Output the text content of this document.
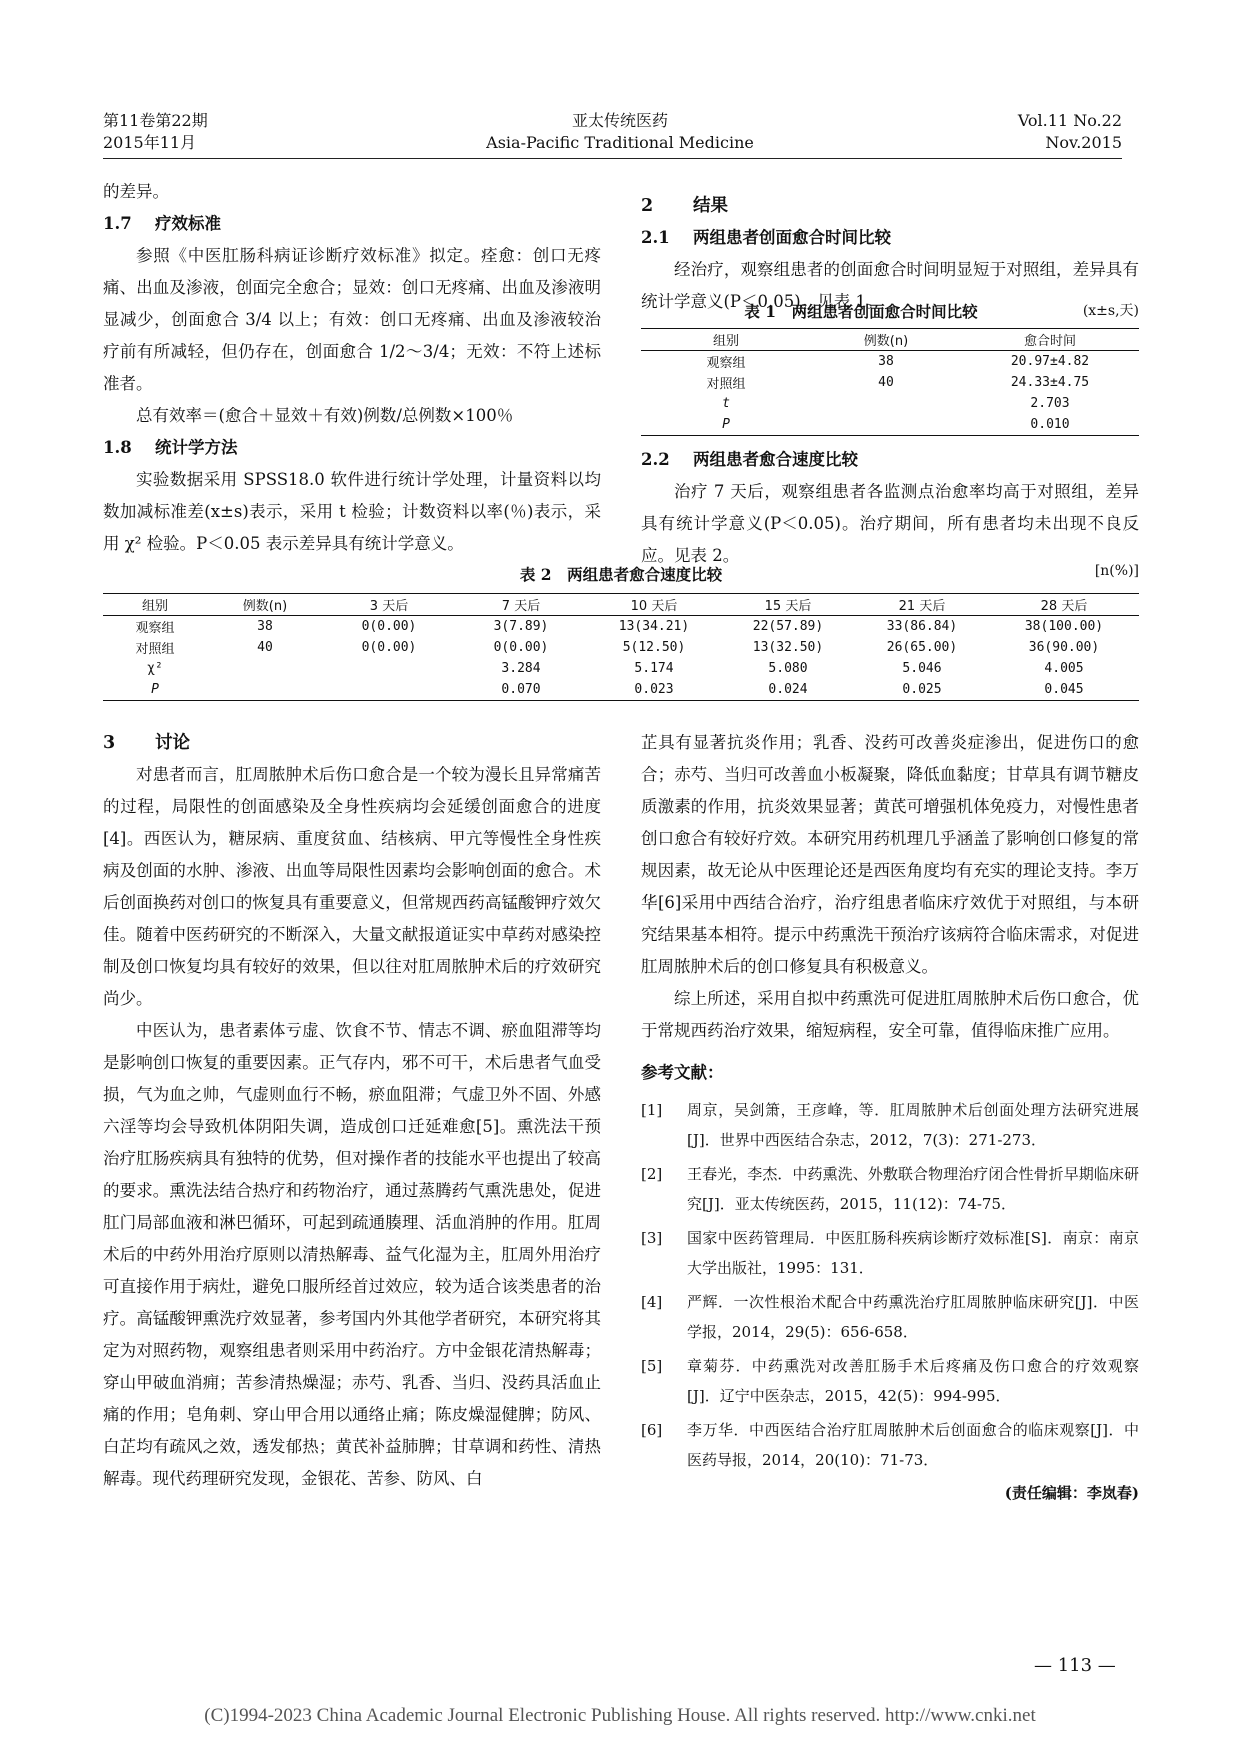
第11卷第22期
2015年11月
亚太传统医药
Asia-Pacific Traditional Medicine
Vol.11 No.22
Nov.2015

的差异。

1.7 疗效标准

参照《中医肛肠科病证诊断疗效标准》拟定。痊愈：创口无疼痛、出血及渗液，创面完全愈合；显效：创口无疼痛、出血及渗液明显减少，创面愈合 3/4 以上；有效：创口无疼痛、出血及渗液较治疗前有所减轻，但仍存在，创面愈合 1/2～3/4；无效：不符上述标准者。

总有效率＝(愈合＋显效＋有效)例数/总例数×100％

1.8 统计学方法

实验数据采用 SPSS18.0 软件进行统计学处理，计量资料以均数加减标准差(x±s)表示，采用 t 检验；计数资料以率(％)表示，采用 χ² 检验。P＜0.05 表示差异具有统计学意义。

2 结果

2.1 两组患者创面愈合时间比较

经治疗，观察组患者的创面愈合时间明显短于对照组，差异具有统计学意义(P＜0.05)。见表 1。

表 1　两组患者创面愈合时间比较	(x±s,天)
组别	例数(n)	愈合时间
观察组	38	20.97±4.82
对照组	40	24.33±4.75
t		2.703
P		0.010

2.2 两组患者愈合速度比较

治疗 7 天后，观察组患者各监测点治愈率均高于对照组，差异具有统计学意义(P＜0.05)。治疗期间，所有患者均未出现不良反应。见表 2。

表 2　两组患者愈合速度比较	[n(%)]
组别	例数(n)	3 天后	7 天后	10 天后	15 天后	21 天后	28 天后
观察组	38	0(0.00)	3(7.89)	13(34.21)	22(57.89)	33(86.84)	38(100.00)
对照组	40	0(0.00)	0(0.00)	5(12.50)	13(32.50)	26(65.00)	36(90.00)
χ²			3.284	5.174	5.080	5.046	4.005
P			0.070	0.023	0.024	0.025	0.045

3 讨论

对患者而言，肛周脓肿术后伤口愈合是一个较为漫长且异常痛苦的过程，局限性的创面感染及全身性疾病均会延缓创面愈合的进度[4]。西医认为，糖尿病、重度贫血、结核病、甲亢等慢性全身性疾病及创面的水肿、渗液、出血等局限性因素均会影响创面的愈合。术后创面换药对创口的恢复具有重要意义，但常规西药高锰酸钾疗效欠佳。随着中医药研究的不断深入，大量文献报道证实中草药对感染控制及创口恢复均具有较好的效果，但以往对肛周脓肿术后的疗效研究尚少。

中医认为，患者素体亏虚、饮食不节、情志不调、瘀血阻滞等均是影响创口恢复的重要因素。正气存内，邪不可干，术后患者气血受损，气为血之帅，气虚则血行不畅，瘀血阻滞；气虚卫外不固、外感六淫等均会导致机体阴阳失调，造成创口迁延难愈[5]。熏洗法干预治疗肛肠疾病具有独特的优势，但对操作者的技能水平也提出了较高的要求。熏洗法结合热疗和药物治疗，通过蒸腾药气熏洗患处，促进肛门局部血液和淋巴循环，可起到疏通腠理、活血消肿的作用。肛周术后的中药外用治疗原则以清热解毒、益气化湿为主，肛周外用治疗可直接作用于病灶，避免口服所经首过效应，较为适合该类患者的治疗。高锰酸钾熏洗疗效显著，参考国内外其他学者研究，本研究将其定为对照药物，观察组患者则采用中药治疗。方中金银花清热解毒；穿山甲破血消痈；苦参清热燥湿；赤芍、乳香、当归、没药具活血止痛的作用；皂角刺、穿山甲合用以通络止痛；陈皮燥湿健脾；防风、白芷均有疏风之效，透发郁热；黄芪补益肺脾；甘草调和药性、清热解毒。现代药理研究发现，金银花、苦参、防风、白

芷具有显著抗炎作用；乳香、没药可改善炎症渗出，促进伤口的愈合；赤芍、当归可改善血小板凝聚，降低血黏度；甘草具有调节糖皮质激素的作用，抗炎效果显著；黄芪可增强机体免疫力，对慢性患者创口愈合有较好疗效。本研究用药机理几乎涵盖了影响创口修复的常规因素，故无论从中医理论还是西医角度均有充实的理论支持。李万华[6]采用中西结合治疗，治疗组患者临床疗效优于对照组，与本研究结果基本相符。提示中药熏洗干预治疗该病符合临床需求，对促进肛周脓肿术后的创口修复具有积极意义。

综上所述，采用自拟中药熏洗可促进肛周脓肿术后伤口愈合，优于常规西药治疗效果，缩短病程，安全可靠，值得临床推广应用。

参考文献：

[1]	周京，吴剑箫，王彦峰，等．肛周脓肿术后创面处理方法研究进展[J]．世界中西医结合杂志，2012，7(3)：271-273．
[2]	王春光，李杰．中药熏洗、外敷联合物理治疗闭合性骨折早期临床研究[J]．亚太传统医药，2015，11(12)：74-75．
[3]	国家中医药管理局．中医肛肠科疾病诊断疗效标准[S]．南京：南京大学出版社，1995：131．
[4]	严辉．一次性根治术配合中药熏洗治疗肛周脓肿临床研究[J]．中医学报，2014，29(5)：656-658．
[5]	章菊芬．中药熏洗对改善肛肠手术后疼痛及伤口愈合的疗效观察[J]．辽宁中医杂志，2015，42(5)：994-995．
[6]	李万华．中西医结合治疗肛周脓肿术后创面愈合的临床观察[J]．中医药导报，2014，20(10)：71-73．
(责任编辑：李岚春)
— 113 —
(C)1994-2023 China Academic Journal Electronic Publishing House. All rights reserved. http://www.cnki.net
